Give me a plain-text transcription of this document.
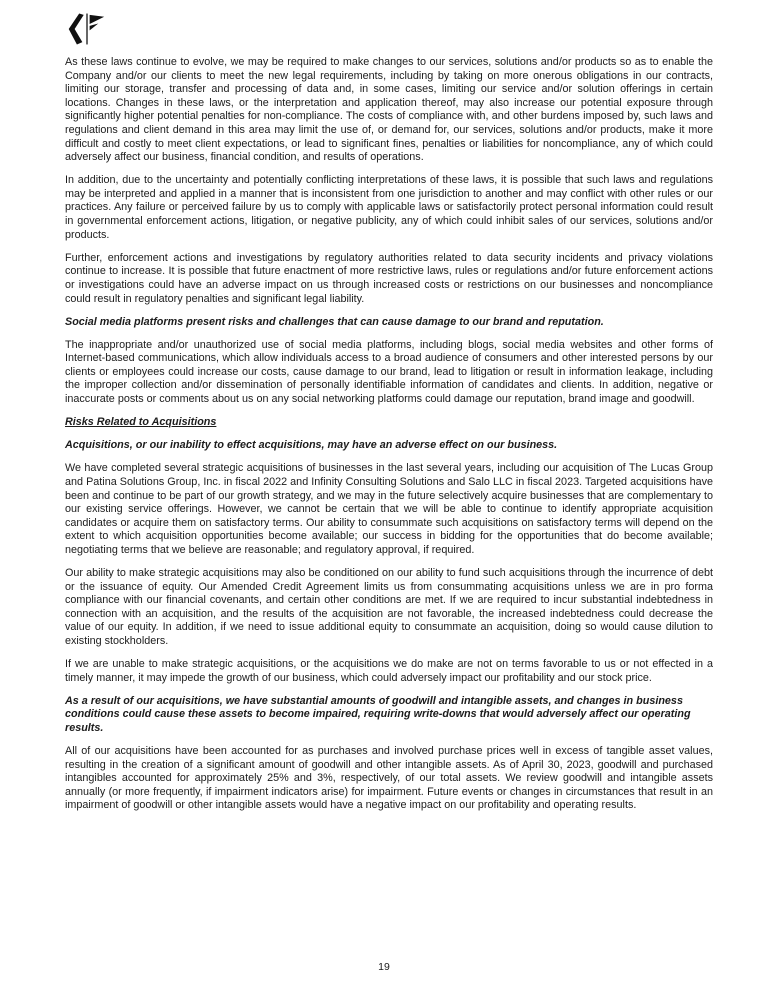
As these laws continue to evolve, we may be required to make changes to our services, solutions and/or products so as to enable the Company and/or our clients to meet the new legal requirements, including by taking on more onerous obligations in our contracts, limiting our storage, transfer and processing of data and, in some cases, limiting our service and/or solution offerings in certain locations. Changes in these laws, or the interpretation and application thereof, may also increase our potential exposure through significantly higher potential penalties for non-compliance. The costs of compliance with, and other burdens imposed by, such laws and regulations and client demand in this area may limit the use of, or demand for, our services, solutions and/or products, make it more difficult and costly to meet client expectations, or lead to significant fines, penalties or liabilities for noncompliance, any of which could adversely affect our business, financial condition, and results of operations.

In addition, due to the uncertainty and potentially conflicting interpretations of these laws, it is possible that such laws and regulations may be interpreted and applied in a manner that is inconsistent from one jurisdiction to another and may conflict with other rules or our practices. Any failure or perceived failure by us to comply with applicable laws or satisfactorily protect personal information could result in governmental enforcement actions, litigation, or negative publicity, any of which could inhibit sales of our services, solutions and/or products.

Further, enforcement actions and investigations by regulatory authorities related to data security incidents and privacy violations continue to increase. It is possible that future enactment of more restrictive laws, rules or regulations and/or future enforcement actions or investigations could have an adverse impact on us through increased costs or restrictions on our businesses and noncompliance could result in regulatory penalties and significant legal liability.

Social media platforms present risks and challenges that can cause damage to our brand and reputation.

The inappropriate and/or unauthorized use of social media platforms, including blogs, social media websites and other forms of Internet-based communications, which allow individuals access to a broad audience of consumers and other interested persons by our clients or employees could increase our costs, cause damage to our brand, lead to litigation or result in information leakage, including the improper collection and/or dissemination of personally identifiable information of candidates and clients. In addition, negative or inaccurate posts or comments about us on any social networking platforms could damage our reputation, brand image and goodwill.

Risks Related to Acquisitions

Acquisitions, or our inability to effect acquisitions, may have an adverse effect on our business.

We have completed several strategic acquisitions of businesses in the last several years, including our acquisition of The Lucas Group and Patina Solutions Group, Inc. in fiscal 2022 and Infinity Consulting Solutions and Salo LLC in fiscal 2023. Targeted acquisitions have been and continue to be part of our growth strategy, and we may in the future selectively acquire businesses that are complementary to our existing service offerings. However, we cannot be certain that we will be able to continue to identify appropriate acquisition candidates or acquire them on satisfactory terms. Our ability to consummate such acquisitions on satisfactory terms will depend on the extent to which acquisition opportunities become available; our success in bidding for the opportunities that do become available; negotiating terms that we believe are reasonable; and regulatory approval, if required.

Our ability to make strategic acquisitions may also be conditioned on our ability to fund such acquisitions through the incurrence of debt or the issuance of equity. Our Amended Credit Agreement limits us from consummating acquisitions unless we are in pro forma compliance with our financial covenants, and certain other conditions are met. If we are required to incur substantial indebtedness in connection with an acquisition, and the results of the acquisition are not favorable, the increased indebtedness could decrease the value of our equity. In addition, if we need to issue additional equity to consummate an acquisition, doing so would cause dilution to existing stockholders.

If we are unable to make strategic acquisitions, or the acquisitions we do make are not on terms favorable to us or not effected in a timely manner, it may impede the growth of our business, which could adversely impact our profitability and our stock price.

As a result of our acquisitions, we have substantial amounts of goodwill and intangible assets, and changes in business conditions could cause these assets to become impaired, requiring write-downs that would adversely affect our operating results.

All of our acquisitions have been accounted for as purchases and involved purchase prices well in excess of tangible asset values, resulting in the creation of a significant amount of goodwill and other intangible assets. As of April 30, 2023, goodwill and purchased intangibles accounted for approximately 25% and 3%, respectively, of our total assets. We review goodwill and intangible assets annually (or more frequently, if impairment indicators arise) for impairment. Future events or changes in circumstances that result in an impairment of goodwill or other intangible assets would have a negative impact on our profitability and operating results.

19
